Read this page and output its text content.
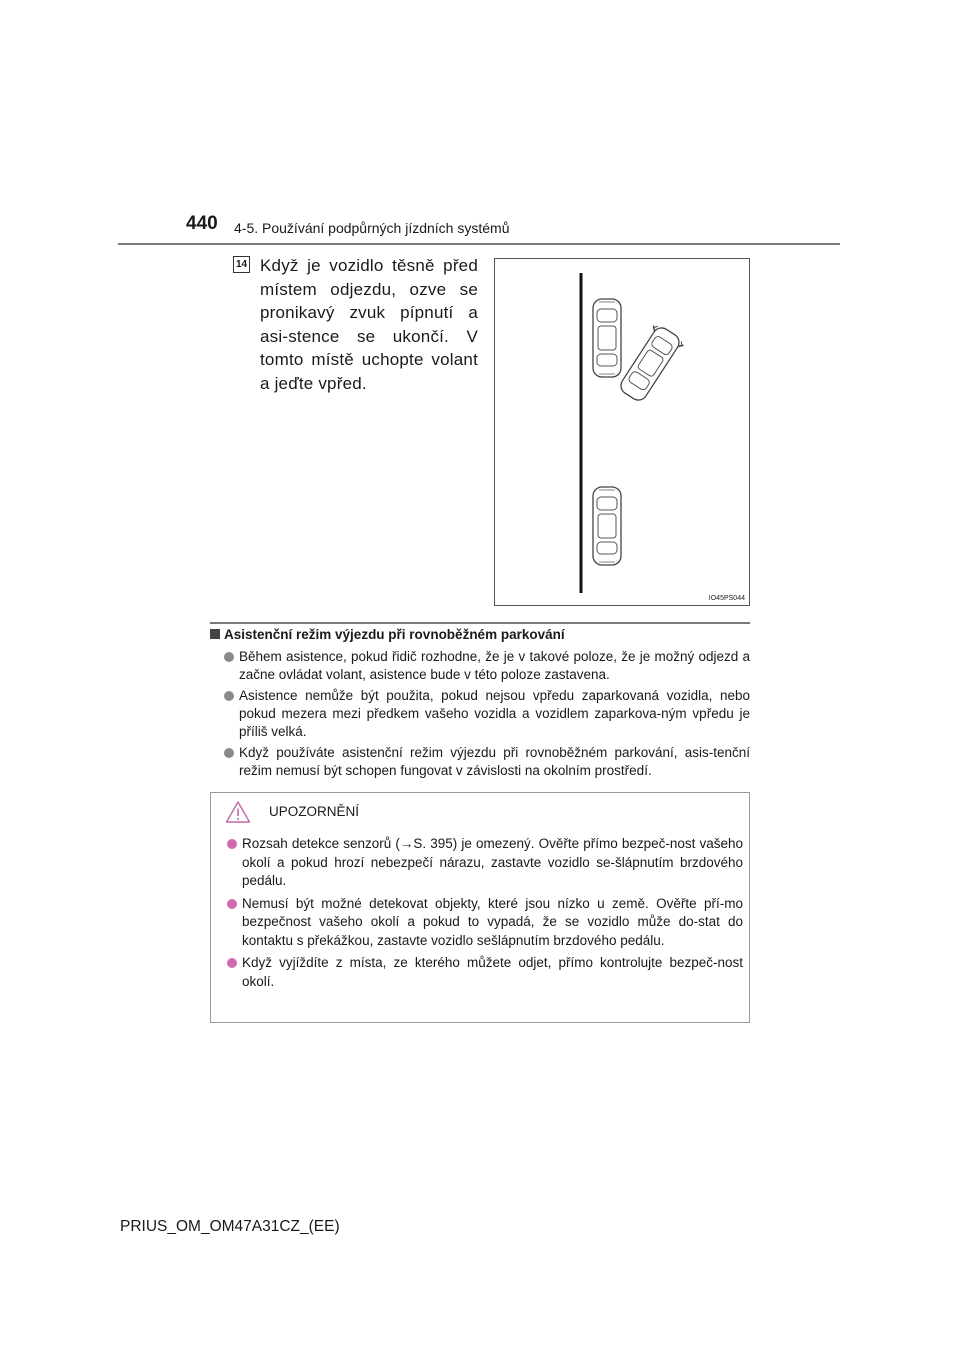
440 4-5. Používání podpůrných jízdních systémů
14 Když je vozidlo těsně před místem odjezdu, ozve se pronikavý zvuk pípnutí a asi-stence se ukončí. V tomto místě uchopte volant a jeďte vpřed.
IO45PS044
Asistenční režim výjezdu při rovnoběžném parkování
Během asistence, pokud řidič rozhodne, že je v takové poloze, že je možný odjezd a začne ovládat volant, asistence bude v této poloze zastavena.
Asistence nemůže být použita, pokud nejsou vpředu zaparkovaná vozidla, nebo pokud mezera mezi předkem vašeho vozidla a vozidlem zaparkova-ným vpředu je příliš velká.
Když používáte asistenční režim výjezdu při rovnoběžném parkování, asis-tenční režim nemusí být schopen fungovat v závislosti na okolním prostředí.
UPOZORNĚNÍ
Rozsah detekce senzorů (→S. 395) je omezený. Ověřte přímo bezpeč-nost vašeho okolí a pokud hrozí nebezpečí nárazu, zastavte vozidlo se-šlápnutím brzdového pedálu.
Nemusí být možné detekovat objekty, které jsou nízko u země. Ověřte pří-mo bezpečnost vašeho okolí a pokud to vypadá, že se vozidlo může do-stat do kontaktu s překážkou, zastavte vozidlo sešlápnutím brzdového pedálu.
Když vyjíždíte z místa, ze kterého můžete odjet, přímo kontrolujte bezpeč-nost okolí.
PRIUS_OM_OM47A31CZ_(EE)
